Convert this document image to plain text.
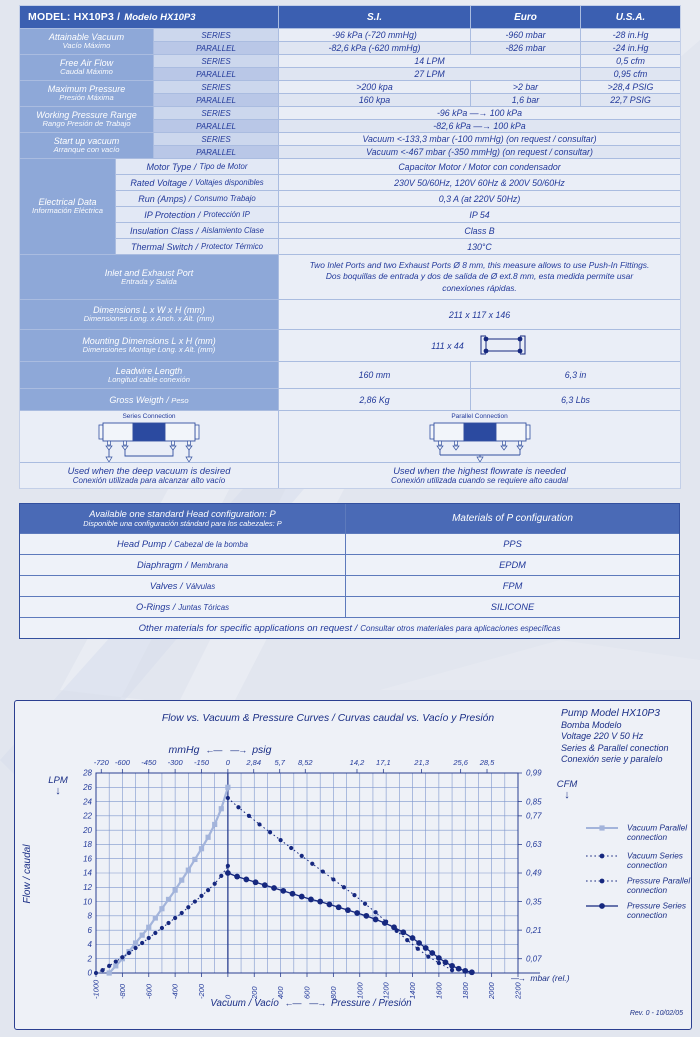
MODEL: HX10P3 / Modelo HX10P3	S.I.	Euro	U.S.A.
Attainable Vacuum
Vacío Máximo
SERIES	-96 kPa (-720 mmHg)	-960 mbar	-28 in.Hg
PARALLEL	-82,6 kPa (-620 mmHg)	-826 mbar	-24 in.Hg
Free Air Flow
Caudal Máximo
SERIES	14 LPM	0,5 cfm
PARALLEL	27 LPM	0,95 cfm
Maximum Pressure
Presión Máxima
SERIES	>200 kpa	>2 bar	>28,4 PSIG
PARALLEL	160 kpa	1,6 bar	22,7 PSIG
Working Pressure Range
Rango Presión de Trabajo
SERIES	-96 kPa —→ 100 kPa
PARALLEL	-82,6 kPa —→ 100 kPa
Start up vacuum
Arranque con vacío
SERIES	Vacuum <-133,3 mbar (-100 mmHg) (on request / consultar)
PARALLEL	Vacuum <-467 mbar (-350 mmHg) (on request / consultar)
Electrical Data
Información Eléctrica
Motor Type / Tipo de Motor	Capacitor Motor / Motor con condensador
Rated Voltage / Voltajes disponibles	230V 50/60Hz, 120V 60Hz & 200V 50/60Hz
Run (Amps) / Consumo Trabajo	0,3 A (at 220V 50Hz)
IP Protection / Protección IP	IP 54
Insulation Class / Aislamiento Clase	Class B
Thermal Switch / Protector Térmico	130°C
Inlet and Exhaust Port
Entrada y Salida
Two Inlet Ports and two Exhaust Ports Ø 8 mm, this measure allows to use Push-In Fittings.
Dos boquillas de entrada y dos de salida de Ø ext.8 mm, esta medida permite usar
conexiones rápidas.
Dimensions L x W x H (mm)
Dimensiones Long. x Anch. x Alt. (mm)	211 x 117 x 146
Mounting Dimensions L x H (mm)
Dimensiones Montaje Long. x Alt. (mm)	111 x 44
Leadwire Length
Longitud cable conexión	160 mm	6,3 in
Gross Weigth / Peso	2,86 Kg	6,3 Lbs
Series Connection	Parallel Connection
Used when the deep vacuum is desired
Conexión utilizada para alcanzar alto vacío
Used when the highest flowrate is needed
Conexión utilizada cuando se requiere alto caudal
Available one standard Head configuration: P
Disponible una configuración stándard para los cabezales: P	Materials of P configuration
Other materials for specific applications on request / Consultar otros materiales para aplicaciones específicas
Head Pump / Cabezal de la bomba	PPS
Diaphragm / Membrana	EPDM
Valves / Válvulas	FPM
O-Rings / Juntas Tóricas	SILICONE
-1000 -800 -600 -400 -200 0 200 400 600 800 1000 1200 1400 1600 1800 2000 2200
-720 -600 -450 -300 -150 0 2,84 5,7 8,52	14,2 17,1	21,3	25,6 28,5
0
2
4
6
8
10
12
14
16
18
20
22
24
26
28	0,99
0,85
0,77
0,63
0,49
0,35
0,21
0,07
Vacuum Parallel
connection
Vacuum Series
connection
Pressure Parallel
connection
Pressure Series
connection
Flow vs. Vacuum & Pressure Curves / Curvas caudal vs. Vacío y Presión	Pump Model HX10P3
Bomba Modelo
Voltage 220 V 50 Hz
Series & Parallel conection
Conexión serie y paralelo
mmHg ←— —→ psig
LPM
↓
CFM
↓
Flow / caudal
—→ mbar (rel.)
Vacuum / Vacío ←— —→ Pressure / Presión
Rev. 0 - 10/02/05
